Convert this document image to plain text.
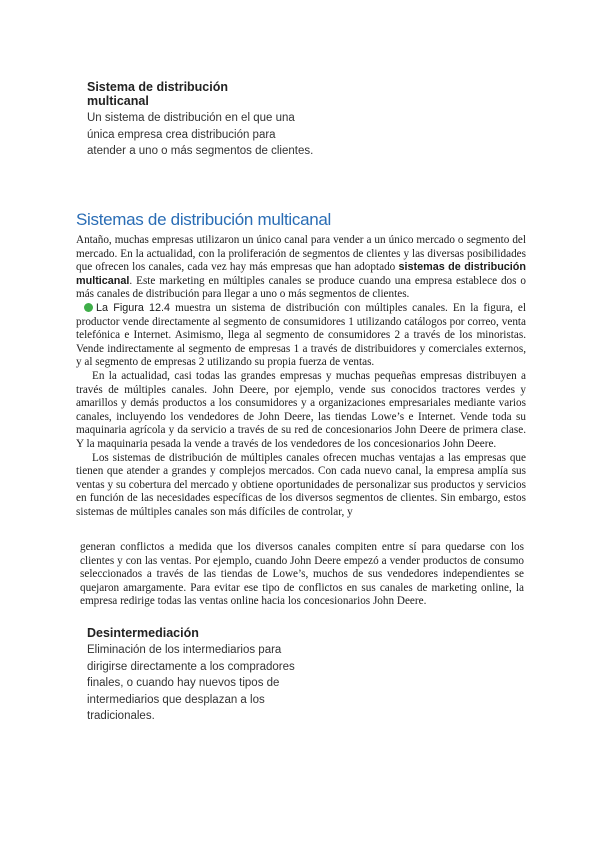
Sistema de distribución multicanal
Un sistema de distribución en el que una única empresa crea distribución para atender a uno o más segmentos de clientes.
Sistemas de distribución multicanal

Antaño, muchas empresas utilizaron un único canal para vender a un único mercado o segmento del mercado. En la actualidad, con la proliferación de segmentos de clientes y las diversas posibilidades que ofrecen los canales, cada vez hay más empresas que han adoptado sistemas de distribución multicanal. Este marketing en múltiples canales se produce cuando una empresa establece dos o más canales de distribución para llegar a uno o más segmentos de clientes.

La Figura 12.4 muestra un sistema de distribución con múltiples canales. En la figura, el productor vende directamente al segmento de consumidores 1 utilizando catálogos por correo, venta telefónica e Internet. Asimismo, llega al segmento de consumidores 2 a través de los minoristas. Vende indirectamente al segmento de empresas 1 a través de distribuidores y comerciales externos, y al segmento de empresas 2 utilizando su propia fuerza de ventas.

En la actualidad, casi todas las grandes empresas y muchas pequeñas empresas distribuyen a través de múltiples canales. John Deere, por ejemplo, vende sus conocidos tractores verdes y amarillos y demás productos a los consumidores y a organizaciones empresariales mediante varios canales, incluyendo los vendedores de John Deere, las tiendas Lowe’s e Internet. Vende toda su maquinaria agrícola y da servicio a través de su red de concesionarios John Deere de primera clase. Y la maquinaria pesada la vende a través de los vendedores de los concesionarios John Deere.

Los sistemas de distribución de múltiples canales ofrecen muchas ventajas a las empresas que tienen que atender a grandes y complejos mercados. Con cada nuevo canal, la empresa amplía sus ventas y su cobertura del mercado y obtiene oportunidades de personalizar sus productos y servicios en función de las necesidades específicas de los diversos segmentos de clientes. Sin embargo, estos sistemas de múltiples canales son más difíciles de controlar, y

generan conflictos a medida que los diversos canales compiten entre sí para quedarse con los clientes y con las ventas. Por ejemplo, cuando John Deere empezó a vender productos de consumo seleccionados a través de las tiendas de Lowe’s, muchos de sus vendedores independientes se quejaron amargamente. Para evitar ese tipo de conflictos en sus canales de marketing online, la empresa redirige todas las ventas online hacia los concesionarios John Deere.

Desintermediación
Eliminación de los intermediarios para dirigirse directamente a los compradores finales, o cuando hay nuevos tipos de intermediarios que desplazan a los tradicionales.
